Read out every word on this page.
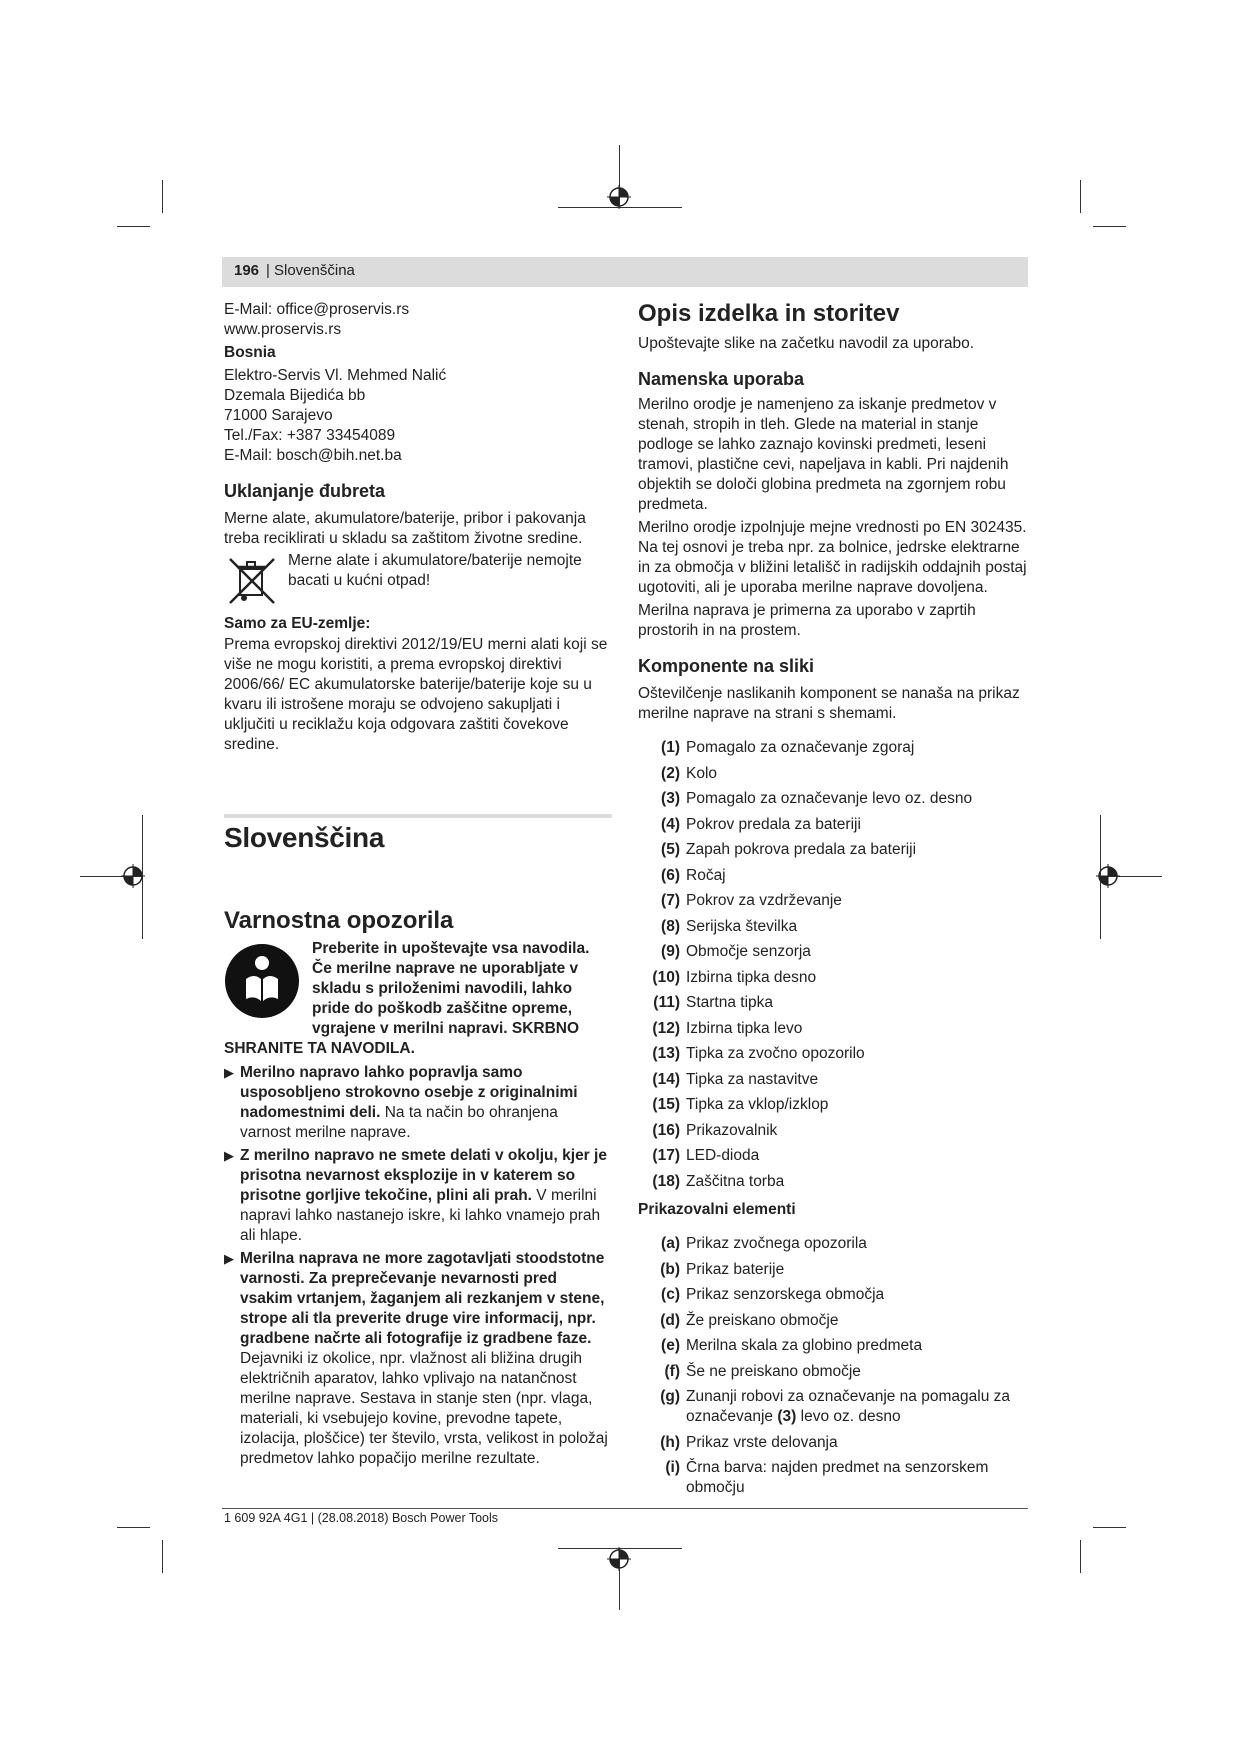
196 | Slovenščina

E-Mail: office@proservis.rs

www.proservis.rs

Bosnia

Elektro-Servis Vl. Mehmed Nalić

Dzemala Bijedića bb

71000 Sarajevo

Tel./Fax: +387 33454089

E-Mail: bosch@bih.net.ba

Uklanjanje đubreta

Merne alate, akumulatore/baterije, pribor i pakovanja treba reciklirati u skladu sa zaštitom životne sredine.

Merne alate i akumulatore/baterije nemojte bacati u kućni otpad!

Samo za EU-zemlje:

Prema evropskoj direktivi 2012/19/EU merni alati koji se više ne mogu koristiti, a prema evropskoj direktivi 2006/66/ EC akumulatorske baterije/baterije koje su u kvaru ili istrošene moraju se odvojeno sakupljati i uključiti u reciklažu koja odgovara zaštiti čovekove sredine.

Slovenščina
Varnostna opozorila

Preberite in upoštevajte vsa navodila. Če merilne naprave ne uporabljate v skladu s priloženimi navodili, lahko pride do poškodb zaščitne opreme, vgrajene v merilni napravi. SKRBNO SHRANITE TA NAVODILA.

▶ Merilno napravo lahko popravlja samo usposobljeno strokovno osebje z originalnimi nadomestnimi deli. Na ta način bo ohranjena varnost merilne naprave.
▶ Z merilno napravo ne smete delati v okolju, kjer je prisotna nevarnost eksplozije in v katerem so prisotne gorljive tekočine, plini ali prah. V merilni napravi lahko nastanejo iskre, ki lahko vnamejo prah ali hlape.
▶ Merilna naprava ne more zagotavljati stoodstotne varnosti. Za preprečevanje nevarnosti pred vsakim vrtanjem, žaganjem ali rezkanjem v stene, strope ali tla preverite druge vire informacij, npr. gradbene načrte ali fotografije iz gradbene faze. Dejavniki iz okolice, npr. vlažnost ali bližina drugih električnih aparatov, lahko vplivajo na natančnost merilne naprave. Sestava in stanje sten (npr. vlaga, materiali, ki vsebujejo kovine, prevodne tapete, izolacija, ploščice) ter število, vrsta, velikost in položaj predmetov lahko popačijo merilne rezultate.
Opis izdelka in storitev

Upoštevajte slike na začetku navodil za uporabo.

Namenska uporaba

Merilno orodje je namenjeno za iskanje predmetov v stenah, stropih in tleh. Glede na material in stanje podloge se lahko zaznajo kovinski predmeti, leseni tramovi, plastične cevi, napeljava in kabli. Pri najdenih objektih se določi globina predmeta na zgornjem robu predmeta.

Merilno orodje izpolnjuje mejne vrednosti po EN 302435. Na tej osnovi je treba npr. za bolnice, jedrske elektrarne in za območja v bližini letališč in radijskih oddajnih postaj ugotoviti, ali je uporaba merilne naprave dovoljena.

Merilna naprava je primerna za uporabo v zaprtih prostorih in na prostem.

Komponente na sliki

Oštevilčenje naslikanih komponent se nanaša na prikaz merilne naprave na strani s shemami.

(1) Pomagalo za označevanje zgoraj
(2) Kolo
(3) Pomagalo za označevanje levo oz. desno
(4) Pokrov predala za bateriji
(5) Zapah pokrova predala za bateriji
(6) Ročaj
(7) Pokrov za vzdrževanje
(8) Serijska številka
(9) Območje senzorja
(10) Izbirna tipka desno
(11) Startna tipka
(12) Izbirna tipka levo
(13) Tipka za zvočno opozorilo
(14) Tipka za nastavitve
(15) Tipka za vklop/izklop
(16) Prikazovalnik
(17) LED-dioda
(18) Zaščitna torba

Prikazovalni elementi

(a) Prikaz zvočnega opozorila
(b) Prikaz baterije
(c) Prikaz senzorskega območja
(d) Že preiskano območje
(e) Merilna skala za globino predmeta
(f) Še ne preiskano območje
(g) Zunanji robovi za označevanje na pomagalu za označevanje (3) levo oz. desno
(h) Prikaz vrste delovanja
(i) Črna barva: najden predmet na senzorskem območju
1 609 92A 4G1 | (28.08.2018) Bosch Power Tools
